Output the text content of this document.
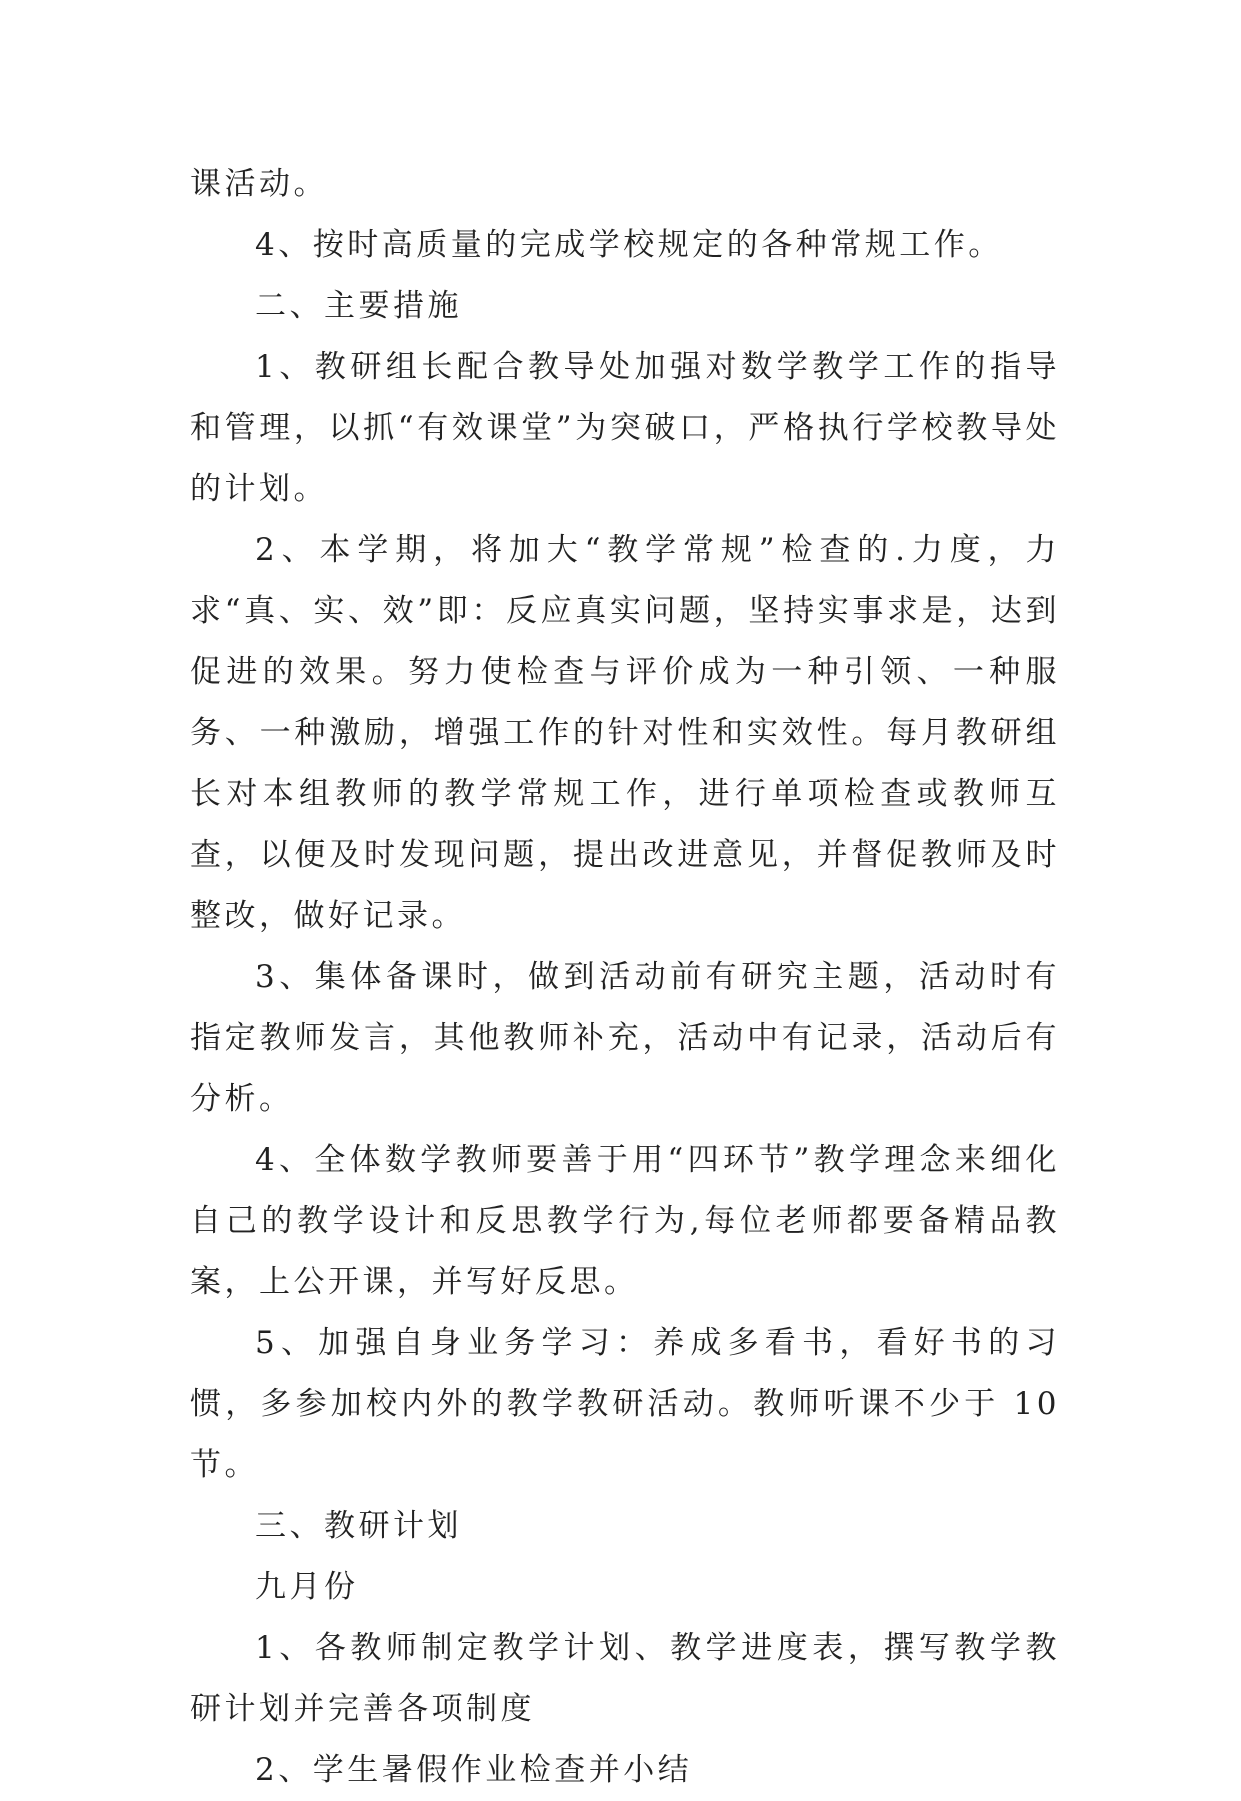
课活动。

4、按时高质量的完成学校规定的各种常规工作。

二、主要措施

1、教研组长配合教导处加强对数学教学工作的指导和管理，以抓“有效课堂”为突破口，严格执行学校教导处的计划。

2、本学期，将加大“教学常规”检查的.力度，力求“真、实、效”即：反应真实问题，坚持实事求是，达到促进的效果。努力使检查与评价成为一种引领、一种服务、一种激励，增强工作的针对性和实效性。每月教研组长对本组教师的教学常规工作，进行单项检查或教师互查，以便及时发现问题，提出改进意见，并督促教师及时整改，做好记录。

3、集体备课时，做到活动前有研究主题，活动时有指定教师发言，其他教师补充，活动中有记录，活动后有分析。

4、全体数学教师要善于用“四环节”教学理念来细化自己的教学设计和反思教学行为,每位老师都要备精品教案，上公开课，并写好反思。

5、加强自身业务学习：养成多看书，看好书的习惯，多参加校内外的教学教研活动。教师听课不少于 10 节。

三、教研计划

九月份

1、各教师制定教学计划、教学进度表，撰写教学教研计划并完善各项制度

2、学生暑假作业检查并小结
